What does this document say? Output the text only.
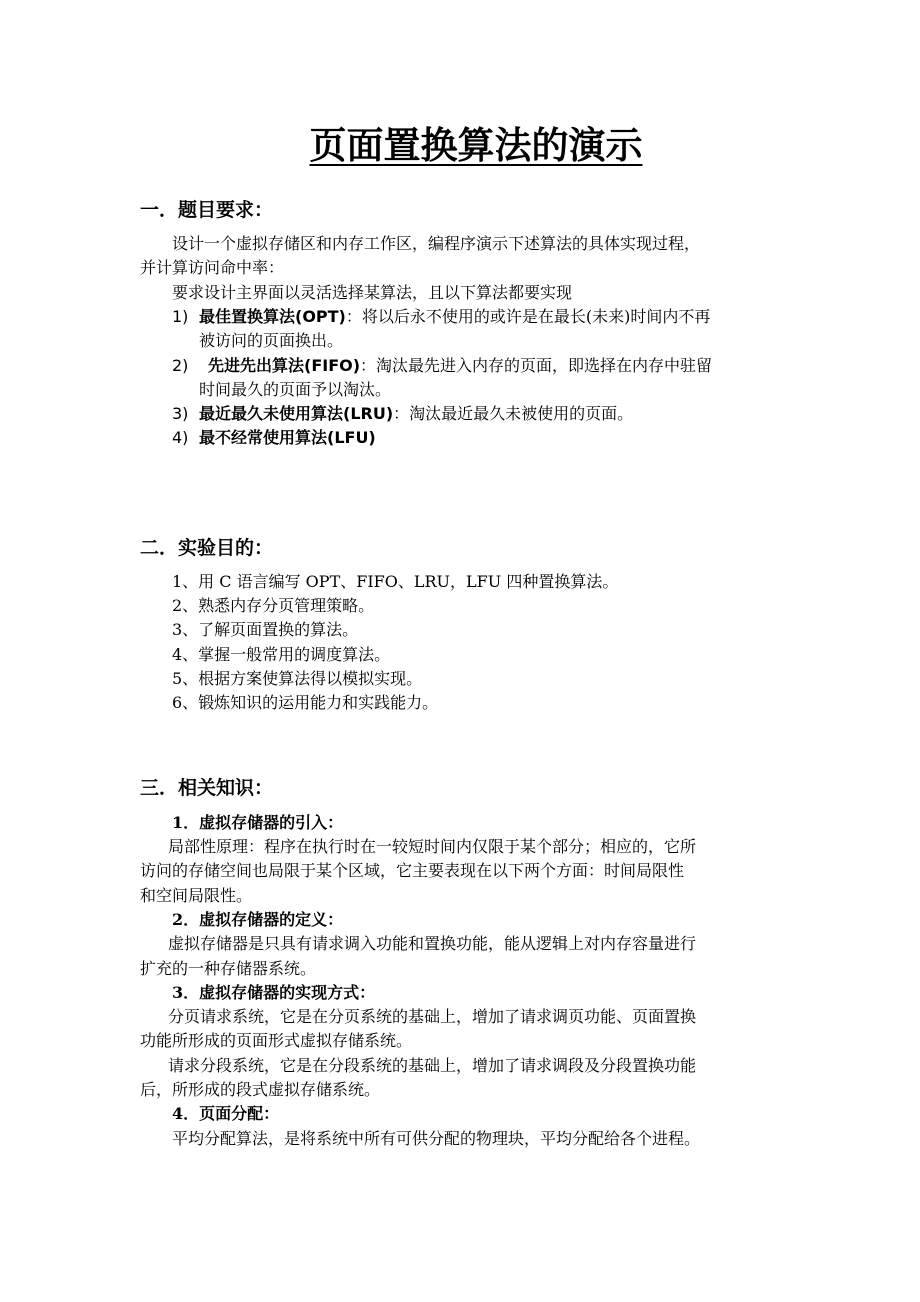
页面置换算法的演示
一．题目要求：
设计一个虚拟存储区和内存工作区，编程序演示下述算法的具体实现过程，
并计算访问命中率：
要求设计主界面以灵活选择某算法，且以下算法都要实现
1) 最佳置换算法(OPT)：将以后永不使用的或许是在最长(未来)时间内不再
被访问的页面换出。
2) 先进先出算法(FIFO)：淘汰最先进入内存的页面，即选择在内存中驻留
时间最久的页面予以淘汰。
3) 最近最久未使用算法(LRU)：淘汰最近最久未被使用的页面。
4) 最不经常使用算法(LFU)
二．实验目的：
1、用 C 语言编写 OPT、FIFO、LRU，LFU 四种置换算法。
2、熟悉内存分页管理策略。
3、了解页面置换的算法。
4、掌握一般常用的调度算法。
5、根据方案使算法得以模拟实现。
6、锻炼知识的运用能力和实践能力。
三．相关知识：
1．虚拟存储器的引入：
局部性原理：程序在执行时在一较短时间内仅限于某个部分；相应的，它所
访问的存储空间也局限于某个区域，它主要表现在以下两个方面：时间局限性
和空间局限性。
2．虚拟存储器的定义：
虚拟存储器是只具有请求调入功能和置换功能，能从逻辑上对内存容量进行
扩充的一种存储器系统。
3．虚拟存储器的实现方式：
分页请求系统，它是在分页系统的基础上，增加了请求调页功能、页面置换
功能所形成的页面形式虚拟存储系统。
请求分段系统，它是在分段系统的基础上，增加了请求调段及分段置换功能
后，所形成的段式虚拟存储系统。
4．页面分配：
平均分配算法，是将系统中所有可供分配的物理块，平均分配给各个进程。
